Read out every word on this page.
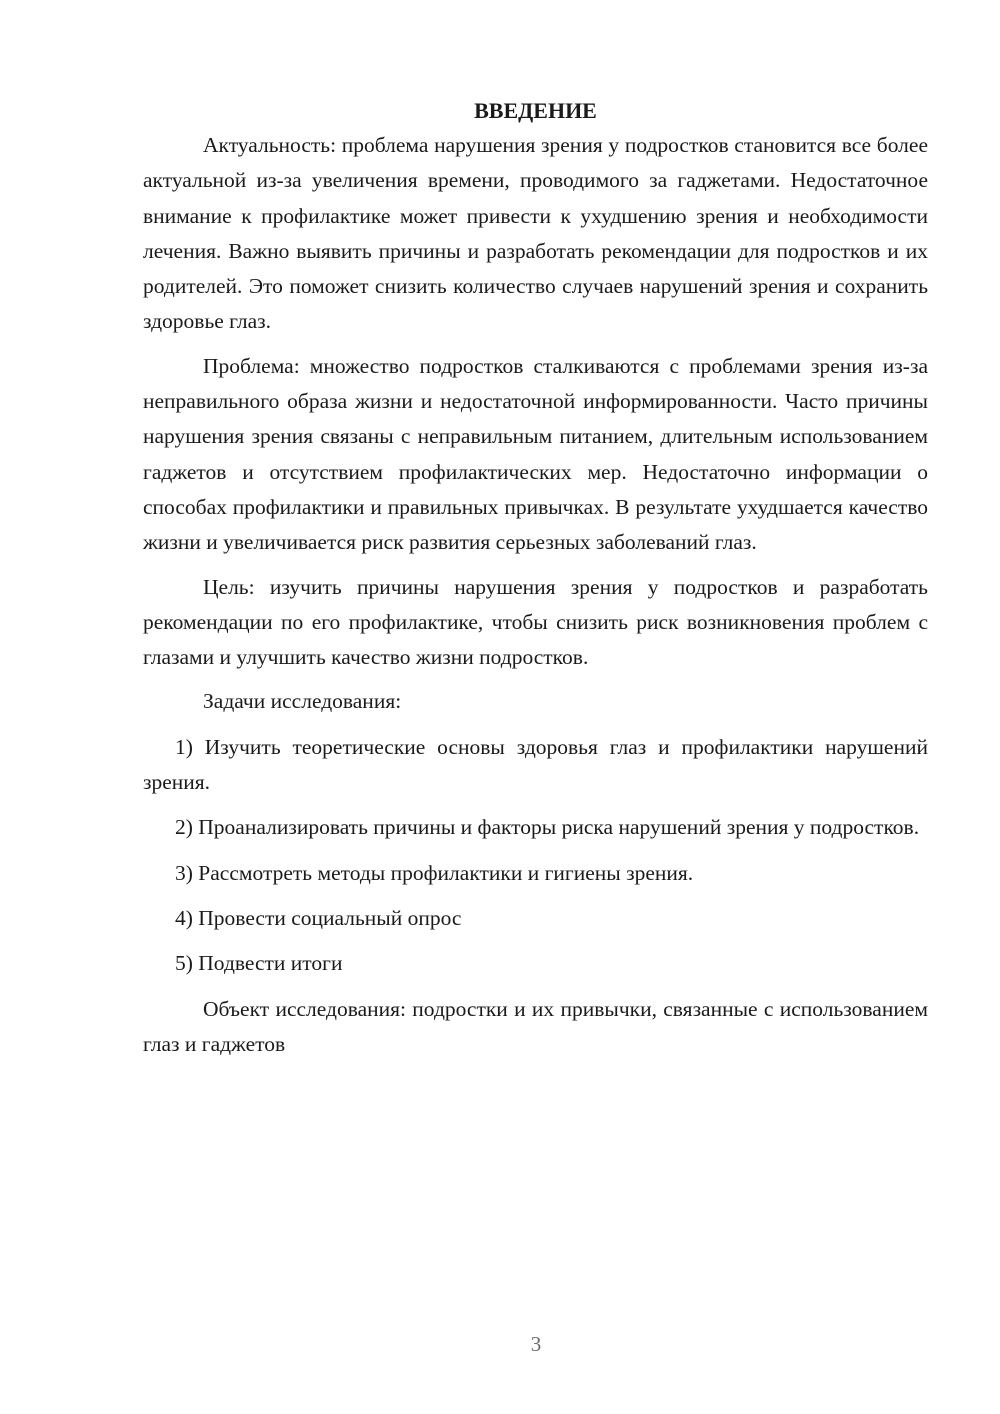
ВВЕДЕНИЕ

Актуальность: проблема нарушения зрения у подростков становится все более актуальной из-за увеличения времени, проводимого за гаджетами. Недостаточное внимание к профилактике может привести к ухудшению зрения и необходимости лечения. Важно выявить причины и разработать рекомендации для подростков и их родителей. Это поможет снизить количество случаев нарушений зрения и сохранить здоровье глаз.

Проблема: множество подростков сталкиваются с проблемами зрения из-за неправильного образа жизни и недостаточной информированности. Часто причины нарушения зрения связаны с неправильным питанием, длительным использованием гаджетов и отсутствием профилактических мер. Недостаточно информации о способах профилактики и правильных привычках. В результате ухудшается качество жизни и увеличивается риск развития серьезных заболеваний глаз.

Цель: изучить причины нарушения зрения у подростков и разработать рекомендации по его профилактике, чтобы снизить риск возникновения проблем с глазами и улучшить качество жизни подростков.

Задачи исследования:

1) Изучить теоретические основы здоровья глаз и профилактики нарушений зрения.

2) Проанализировать причины и факторы риска нарушений зрения у подростков.

3) Рассмотреть методы профилактики и гигиены зрения.

4) Провести социальный опрос

5) Подвести итоги

Объект исследования: подростки и их привычки, связанные с использованием глаз и гаджетов

3
